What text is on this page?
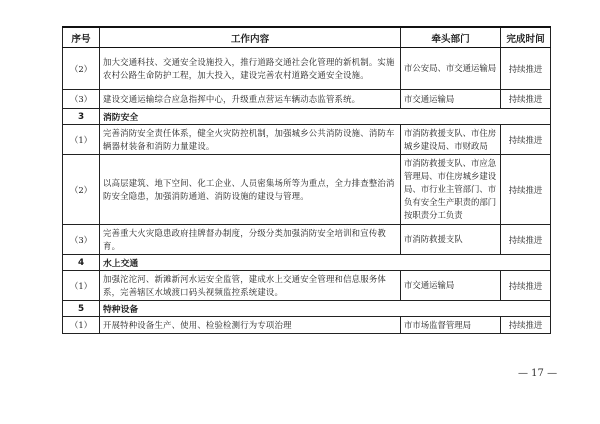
序号	工作内容	牵头部门	完成时间
（2）	加大交通科技、交通安全设施投入，推行道路交通社会化管理的新机制。实施农村公路生命防护工程，加大投入，建设完善农村道路交通安全设施。	市公安局、市交通运输局	持续推进
（3）	建设交通运输综合应急指挥中心，升级重点营运车辆动态监管系统。	市交通运输局	持续推进
3	消防安全		
（1）	完善消防安全责任体系，健全火灾防控机制，加强城乡公共消防设施、消防车辆器材装备和消防力量建设。	市消防救援支队、市住房城乡建设局、市财政局	持续推进
（2）	以高层建筑、地下空间、化工企业、人员密集场所等为重点，全力排查整治消防安全隐患，加强消防通道、消防设施的建设与管理。	市消防救援支队、市应急管理局、市住房城乡建设局、市行业主管部门、市负有安全生产职责的部门按职责分工负责	持续推进
（3）	完善重大火灾隐患政府挂牌督办制度，分级分类加强消防安全培训和宣传教育。	市消防救援支队	持续推进
4	水上交通		
（1）	加强沱沱河、新滩新河水运安全监管，建成水上交通安全管理和信息服务体系，完善辖区水域渡口码头视频监控系统建设。	市交通运输局	持续推进
5	特种设备		
（1）	开展特种设备生产、使用、检验检测行为专项治理	市市场监督管理局	持续推进
— 17 —
